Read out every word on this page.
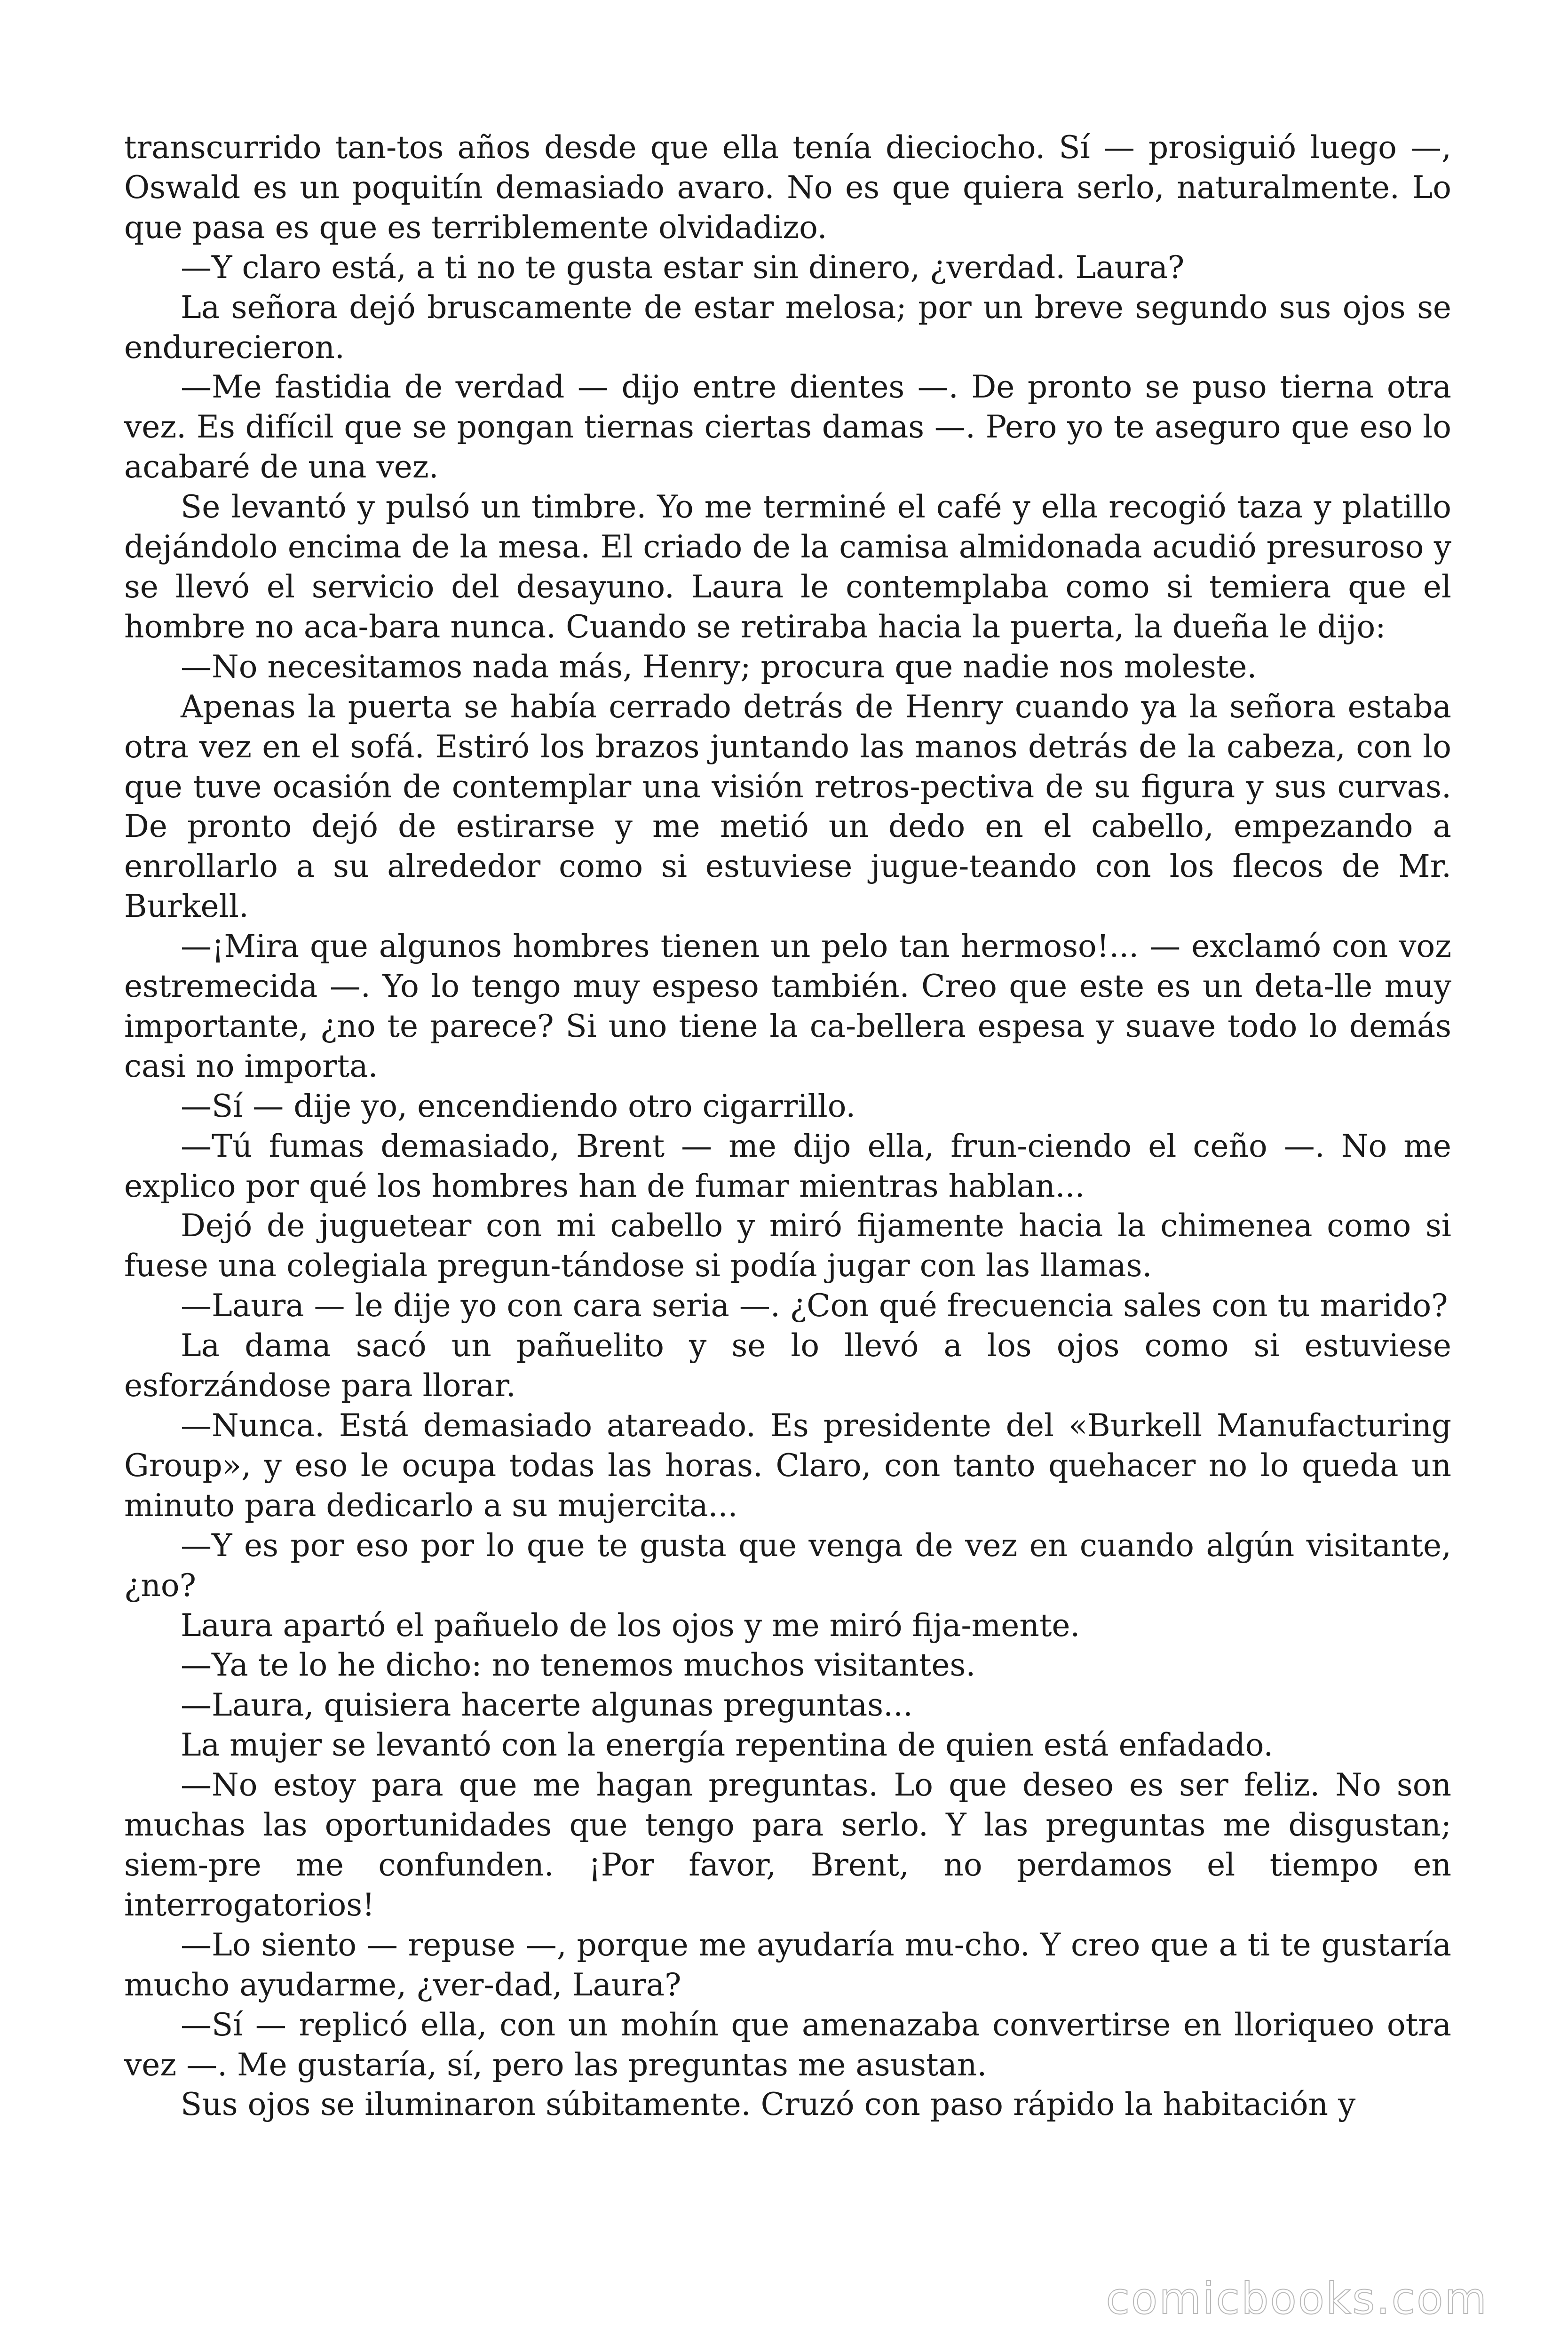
transcurrido tan-tos años desde que ella tenía dieciocho. Sí — prosiguió luego —, Oswald es un poquitín demasiado avaro. No es que quiera serlo, naturalmente. Lo que pasa es que es terriblemente olvidadizo.

—Y claro está, a ti no te gusta estar sin dinero, ¿verdad. Laura?

La señora dejó bruscamente de estar melosa; por un breve segundo sus ojos se endurecieron.

—Me fastidia de verdad — dijo entre dientes —. De pronto se puso tierna otra vez. Es difícil que se pongan tiernas ciertas damas —. Pero yo te aseguro que eso lo acabaré de una vez.

Se levantó y pulsó un timbre. Yo me terminé el café y ella recogió taza y platillo dejándolo encima de la mesa. El criado de la camisa almidonada acudió presuroso y se llevó el servicio del desayuno. Laura le contemplaba como si temiera que el hombre no aca-bara nunca. Cuando se retiraba hacia la puerta, la dueña le dijo:

—No necesitamos nada más, Henry; procura que nadie nos moleste.

Apenas la puerta se había cerrado detrás de Henry cuando ya la señora estaba otra vez en el sofá. Estiró los brazos juntando las manos detrás de la cabeza, con lo que tuve ocasión de contemplar una visión retros-pectiva de su figura y sus curvas. De pronto dejó de estirarse y me metió un dedo en el cabello, empezando a enrollarlo a su alrededor como si estuviese jugue-teando con los flecos de Mr. Burkell.

—¡Mira que algunos hombres tienen un pelo tan hermoso!... — exclamó con voz estremecida —. Yo lo tengo muy espeso también. Creo que este es un deta-lle muy importante, ¿no te parece? Si uno tiene la ca-bellera espesa y suave todo lo demás casi no importa.

—Sí — dije yo, encendiendo otro cigarrillo.

—Tú fumas demasiado, Brent — me dijo ella, frun-ciendo el ceño —. No me explico por qué los hombres han de fumar mientras hablan...

Dejó de juguetear con mi cabello y miró fijamente hacia la chimenea como si fuese una colegiala pregun-tándose si podía jugar con las llamas.

—Laura — le dije yo con cara seria —. ¿Con qué frecuencia sales con tu marido?

La dama sacó un pañuelito y se lo llevó a los ojos como si estuviese esforzándose para llorar.

—Nunca. Está demasiado atareado. Es presidente del «Burkell Manufacturing Group», y eso le ocupa todas las horas. Claro, con tanto quehacer no lo queda un minuto para dedicarlo a su mujercita...

—Y es por eso por lo que te gusta que venga de vez en cuando algún visitante, ¿no?

Laura apartó el pañuelo de los ojos y me miró fija-mente.

—Ya te lo he dicho: no tenemos muchos visitantes.

—Laura, quisiera hacerte algunas preguntas...

La mujer se levantó con la energía repentina de quien está enfadado.

—No estoy para que me hagan preguntas. Lo que deseo es ser feliz. No son muchas las oportunidades que tengo para serlo. Y las preguntas me disgustan; siem-pre me confunden. ¡Por favor, Brent, no perdamos el tiempo en interrogatorios!

—Lo siento — repuse —, porque me ayudaría mu-cho. Y creo que a ti te gustaría mucho ayudarme, ¿ver-dad, Laura?

—Sí — replicó ella, con un mohín que amenazaba convertirse en lloriqueo otra vez —. Me gustaría, sí, pero las preguntas me asustan.

Sus ojos se iluminaron súbitamente. Cruzó con paso rápido la habitación y

comicbooks.com
